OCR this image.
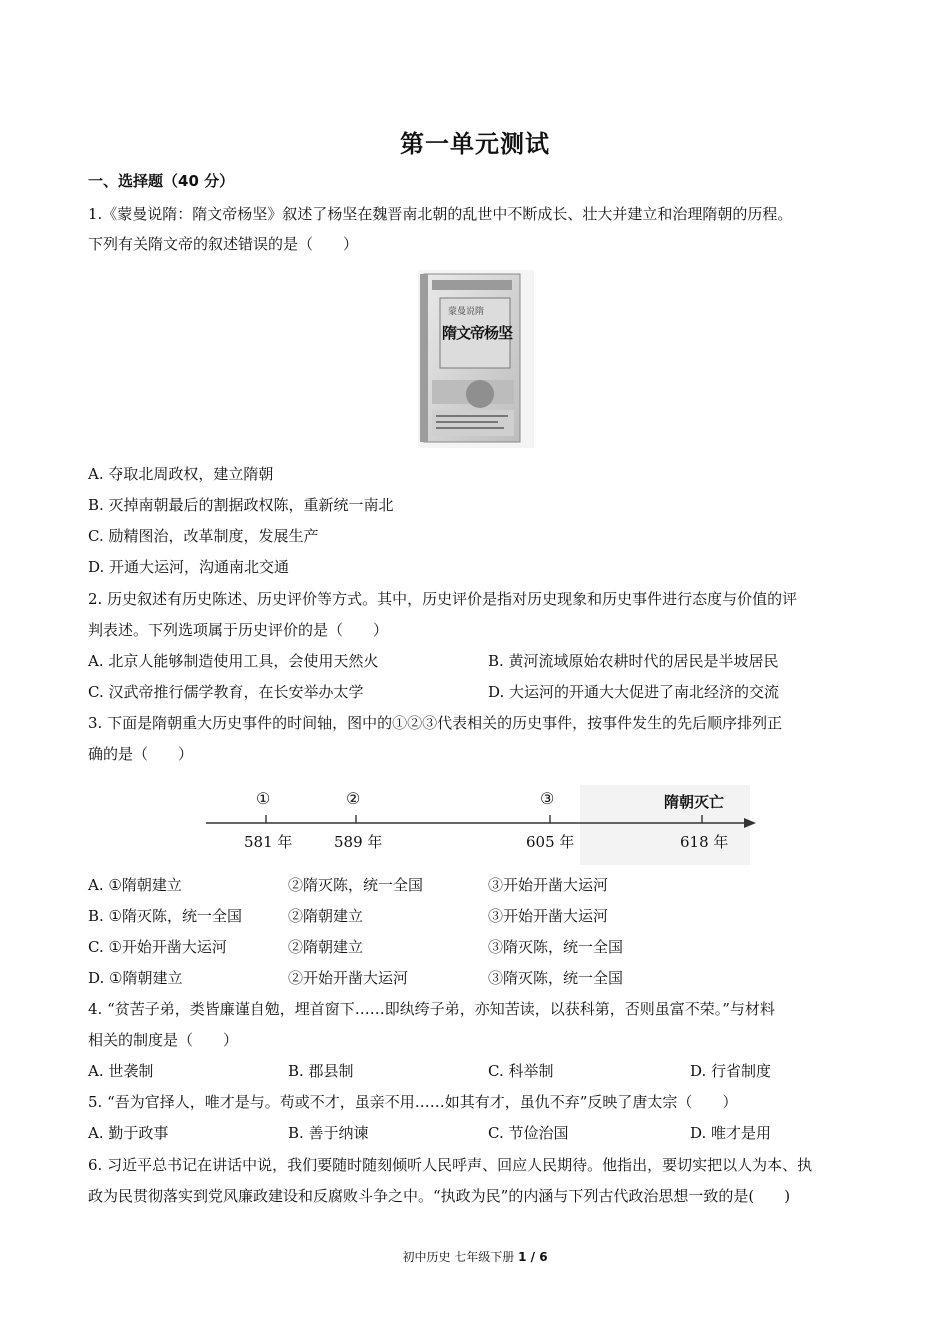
第一单元测试
一、选择题（40 分）
1.《蒙曼说隋：隋文帝杨坚》叙述了杨坚在魏晋南北朝的乱世中不断成长、壮大并建立和治理隋朝的历程。
下列有关隋文帝的叙述错误的是（　　）
蒙曼说隋
隋文帝杨坚
A. 夺取北周政权，建立隋朝
B. 灭掉南朝最后的割据政权陈，重新统一南北
C. 励精图治，改革制度，发展生产
D. 开通大运河，沟通南北交通
2. 历史叙述有历史陈述、历史评价等方式。其中，历史评价是指对历史现象和历史事件进行态度与价值的评
判表述。下列选项属于历史评价的是（　　）
A. 北京人能够制造使用工具，会使用天然火	B. 黄河流域原始农耕时代的居民是半坡居民
C. 汉武帝推行儒学教育，在长安举办太学	D. 大运河的开通大大促进了南北经济的交流
3. 下面是隋朝重大历史事件的时间轴，图中的①②③代表相关的历史事件，按事件发生的先后顺序排列正
确的是（　　）
①	②	③	隋朝灭亡
581 年	589 年	605 年	618 年
A. ①隋朝建立	②隋灭陈，统一全国	③开始开凿大运河
B. ①隋灭陈，统一全国	②隋朝建立	③开始开凿大运河
C. ①开始开凿大运河	②隋朝建立	③隋灭陈，统一全国
D. ①隋朝建立	②开始开凿大运河	③隋灭陈，统一全国
4. “贫苦子弟，类皆廉谨自勉，埋首窗下……即纨绔子弟，亦知苦读，以获科第，否则虽富不荣。”与材料
相关的制度是（　　）
A. 世袭制	B. 郡县制	C. 科举制	D. 行省制度
5. “吾为官择人，唯才是与。苟或不才，虽亲不用……如其有才，虽仇不弃”反映了唐太宗（　　）
A. 勤于政事	B. 善于纳谏	C. 节俭治国	D. 唯才是用
6. 习近平总书记在讲话中说，我们要随时随刻倾听人民呼声、回应人民期待。他指出，要切实把以人为本、执
政为民贯彻落实到党风廉政建设和反腐败斗争之中。“执政为民”的内涵与下列古代政治思想一致的是(　　)
初中历史 七年级下册 1 / 6
